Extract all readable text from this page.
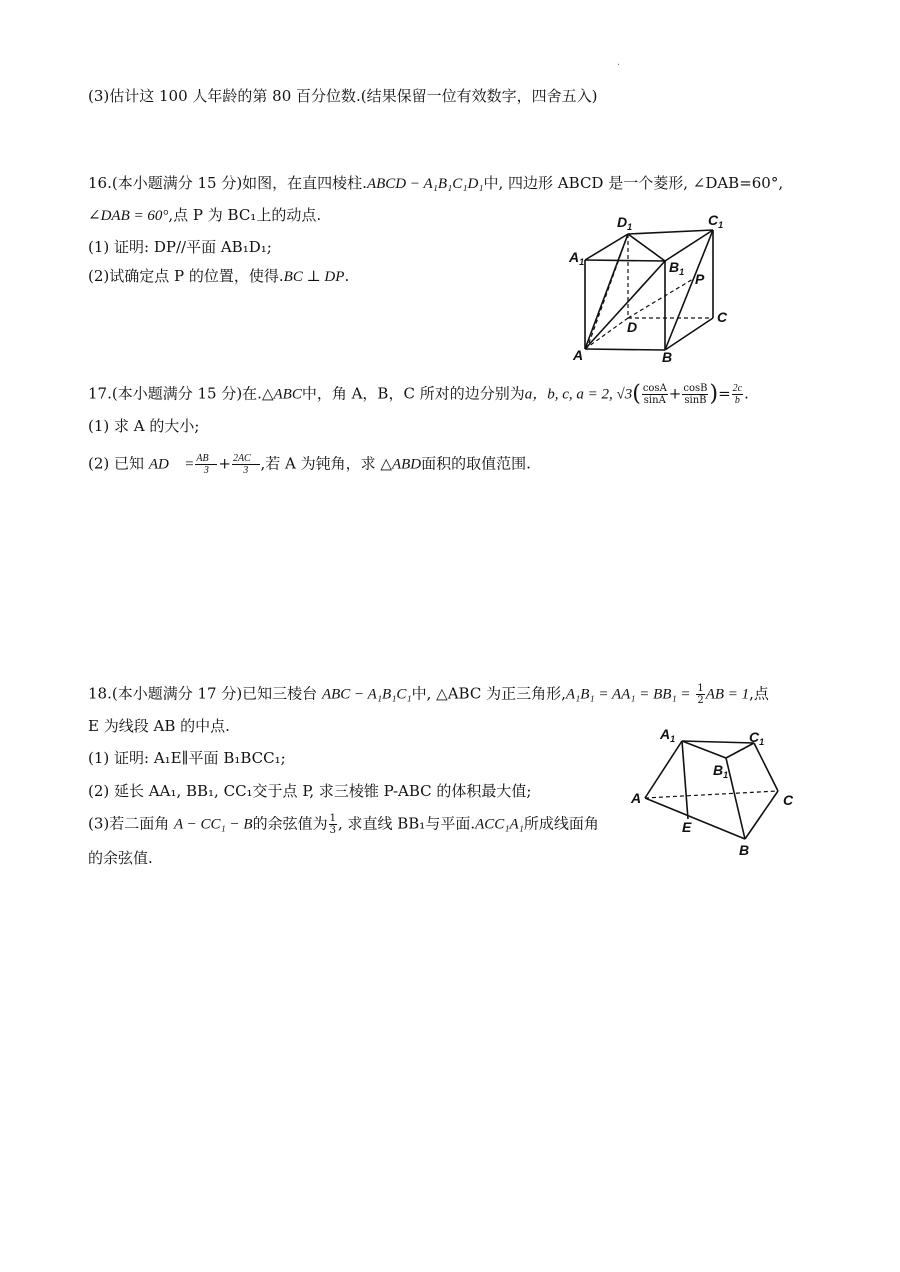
·
(3)估计这 100 人年龄的第 80 百分位数.(结果保留一位有效数字，四舍五入)
16.(本小题满分 15 分)如图，在直四棱柱.ABCD − A₁B₁C₁D₁中, 四边形 ABCD 是一个菱形, ∠DAB=60°,
∠DAB = 60°,点 P 为 BC₁上的动点.
(1) 证明: DP//平面 AB₁D₁;
(2)试确定点 P 的位置，使得.BC ⊥ DP.
$D_1$	$C_1$
$A_1$	$B_1$ P
D
C
A	B
17.(本小题满分 15 分)在.△ABC中，角 A，B，C 所对的边分别为a，b, c, a = 2, $√3( \frac{\cos A}{\sin A} + \frac{\cos B}{\sin B}$ )= $\frac{2c}{b}$ .
(1) 求 A 的大小;
(2) 已知 AD⃗ = $\frac{AB⃗}{3} + \frac{2AC⃗}{3}$ ,若 A 为钝角，求 △ABD面积的取值范围.
18.(本小题满分 17 分)已知三棱台 ABC − A₁B₁C₁中, △ABC 为正三角形$,A_1B_1 = AA_1 = BB_1 = \frac{1}{2}$ AB = 1,点
E 为线段 AB 的中点.
(1) 证明: A₁E∥平面 B₁BCC₁;
(2) 延长 AA₁, BB₁, CC₁交于点 P, 求三棱锥 P-ABC 的体积最大值;
(3)若二面角 A − CC₁ − B的余弦值为 $\frac{1}{3}$ , 求直线 BB₁与平面.ACC₁A₁所成线面角
的余弦值.
$A_1$	$C_1$
$B_1$
A	C
E
B
